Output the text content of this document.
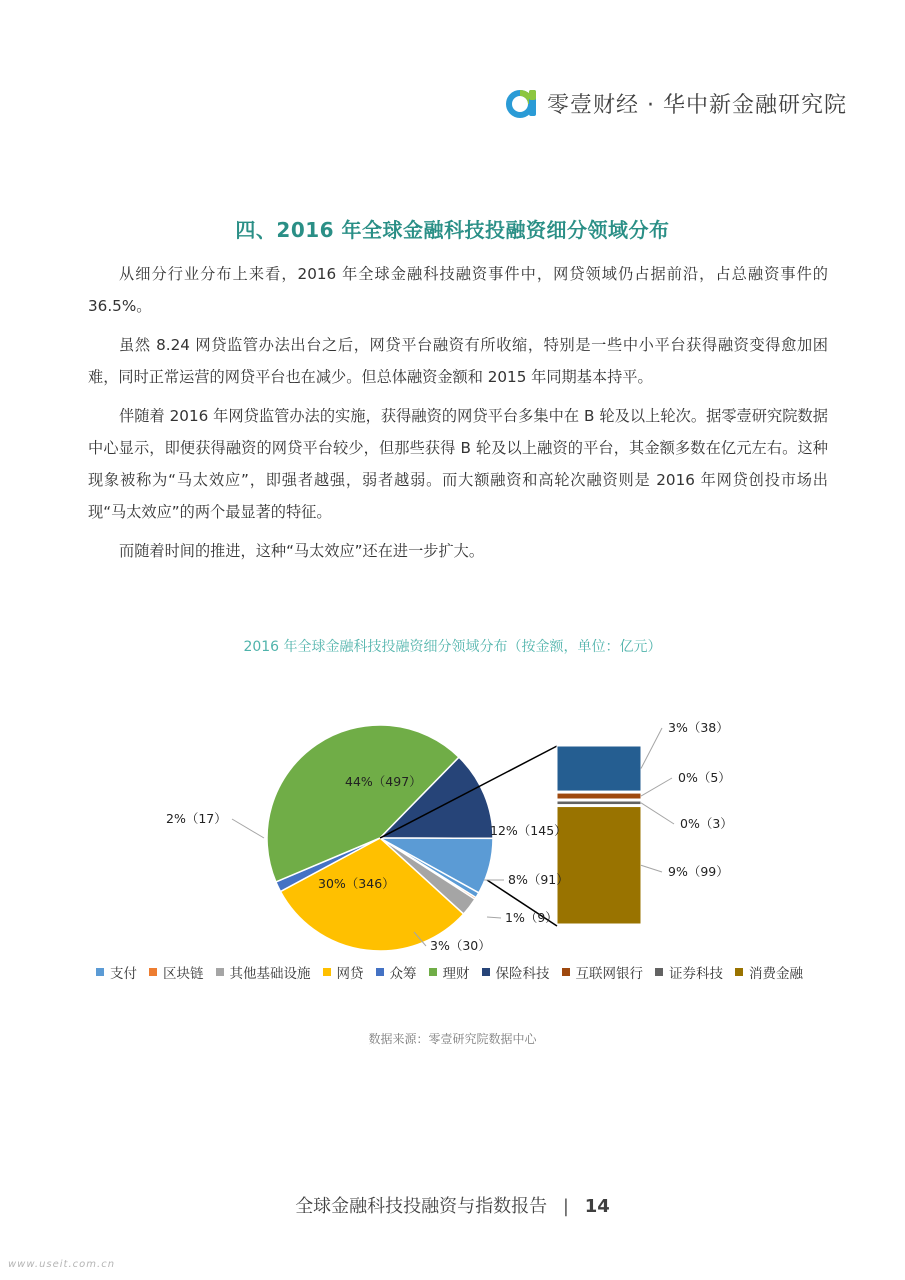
零壹财经 · 华中新金融研究院
四、2016 年全球金融科技投融资细分领域分布

从细分行业分布上来看，2016 年全球金融科技融资事件中，网贷领域仍占据前沿，占总融资事件的 36.5%。

虽然 8.24 网贷监管办法出台之后，网贷平台融资有所收缩，特别是一些中小平台获得融资变得愈加困难，同时正常运营的网贷平台也在减少。但总体融资金额和 2015 年同期基本持平。

伴随着 2016 年网贷监管办法的实施，获得融资的网贷平台多集中在 B 轮及以上轮次。据零壹研究院数据中心显示，即便获得融资的网贷平台较少，但那些获得 B 轮及以上融资的平台，其金额多数在亿元左右。这种现象被称为“马太效应”，即强者越强，弱者越弱。而大额融资和高轮次融资则是 2016 年网贷创投市场出现“马太效应”的两个最显著的特征。

而随着时间的推进，这种“马太效应”还在进一步扩大。

2016 年全球金融科技投融资细分领域分布（按金额，单位：亿元）
1%（9）
3%（30）
30%（346）
2%（17）
44%（497）
12%（145）
8%（91）
3%（38）
0%（5）
0%（3）
9%（99）
支付 区块链 其他基础设施 网贷 众筹 理财 保险科技 互联网银行 证券科技 消费金融
数据来源：零壹研究院数据中心
全球金融科技投融资与指数报告 | 14
www.useit.com.cn
